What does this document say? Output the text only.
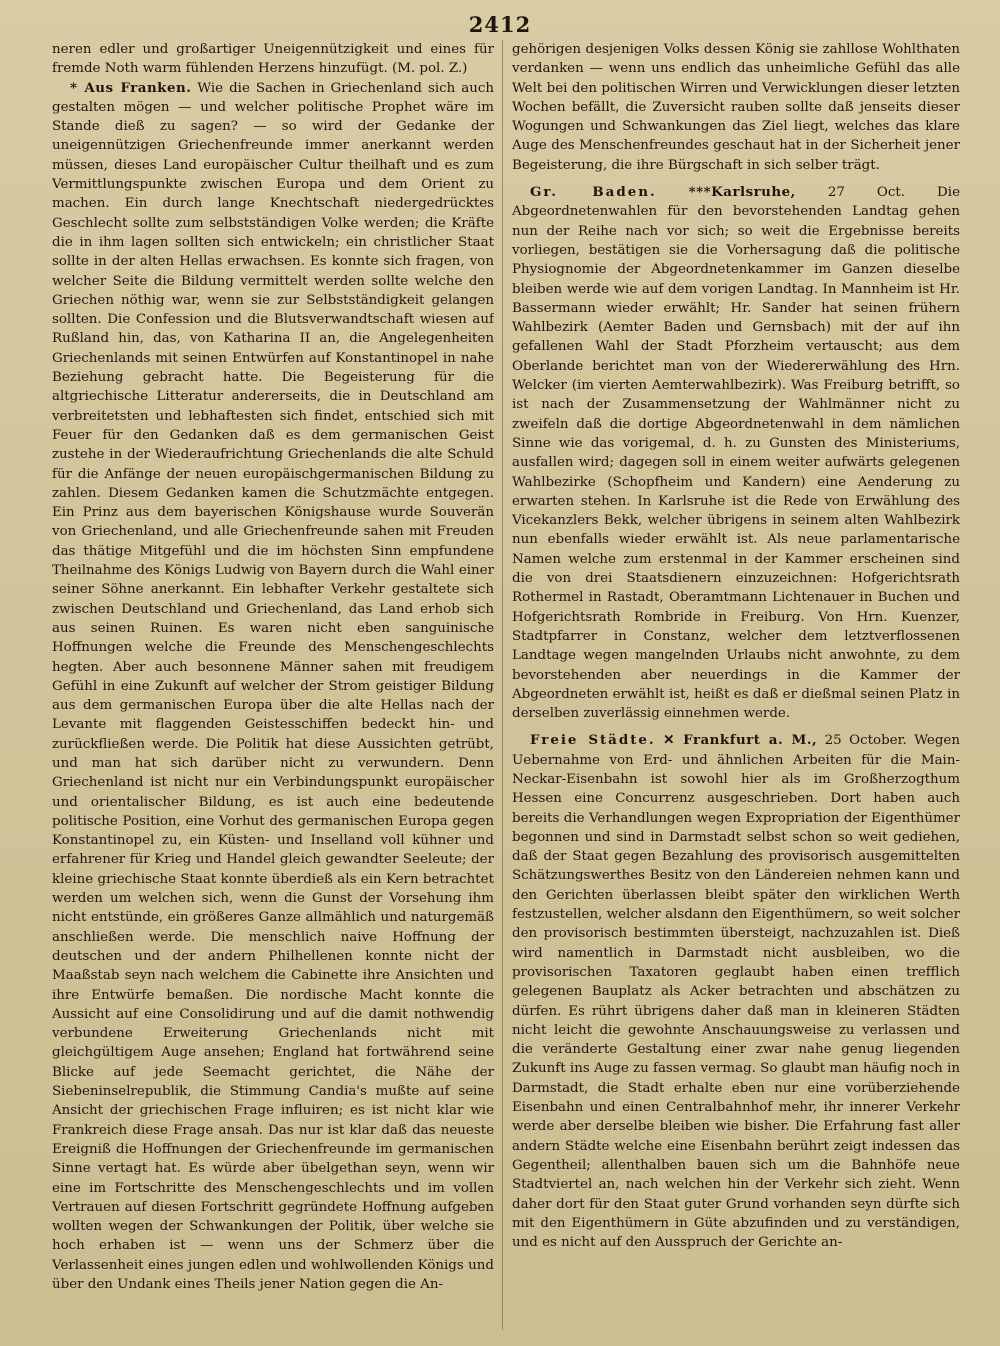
2412

neren edler und großartiger Uneigennützigkeit und eines für fremde Noth warm fühlenden Herzens hinzufügt. (M. pol. Z.)

* Aus Franken. Wie die Sachen in Griechenland sich auch gestalten mögen — und welcher politische Prophet wäre im Stande dieß zu sagen? — so wird der Gedanke der uneigennützigen Griechenfreunde immer anerkannt werden müssen, dieses Land europäischer Cultur theilhaft und es zum Vermittlungspunkte zwischen Europa und dem Orient zu machen. Ein durch lange Knechtschaft niedergedrücktes Geschlecht sollte zum selbstständigen Volke werden; die Kräfte die in ihm lagen sollten sich entwickeln; ein christlicher Staat sollte in der alten Hellas erwachsen. Es konnte sich fragen, von welcher Seite die Bildung vermittelt werden sollte welche den Griechen nöthig war, wenn sie zur Selbstständigkeit gelangen sollten. Die Confession und die Blutsverwandtschaft wiesen auf Rußland hin, das, von Katharina II an, die Angelegenheiten Griechenlands mit seinen Entwürfen auf Konstantinopel in nahe Beziehung gebracht hatte. Die Begeisterung für die altgriechische Litteratur andererseits, die in Deutschland am verbreitetsten und lebhaftesten sich findet, entschied sich mit Feuer für den Gedanken daß es dem germanischen Geist zustehe in der Wiederaufrichtung Griechenlands die alte Schuld für die Anfänge der neuen europäischgermanischen Bildung zu zahlen. Diesem Gedanken kamen die Schutzmächte entgegen. Ein Prinz aus dem bayerischen Königshause wurde Souverän von Griechenland, und alle Griechenfreunde sahen mit Freuden das thätige Mitgefühl und die im höchsten Sinn empfundene Theilnahme des Königs Ludwig von Bayern durch die Wahl einer seiner Söhne anerkannt. Ein lebhafter Verkehr gestaltete sich zwischen Deutschland und Griechenland, das Land erhob sich aus seinen Ruinen. Es waren nicht eben sanguinische Hoffnungen welche die Freunde des Menschengeschlechts hegten. Aber auch besonnene Männer sahen mit freudigem Gefühl in eine Zukunft auf welcher der Strom geistiger Bildung aus dem germanischen Europa über die alte Hellas nach der Levante mit flaggenden Geistesschiffen bedeckt hin- und zurückfließen werde. Die Politik hat diese Aussichten getrübt, und man hat sich darüber nicht zu verwundern. Denn Griechenland ist nicht nur ein Verbindungspunkt europäischer und orientalischer Bildung, es ist auch eine bedeutende politische Position, eine Vorhut des germanischen Europa gegen Konstantinopel zu, ein Küsten- und Inselland voll kühner und erfahrener für Krieg und Handel gleich gewandter Seeleute; der kleine griechische Staat konnte überdieß als ein Kern betrachtet werden um welchen sich, wenn die Gunst der Vorsehung ihm nicht entstünde, ein größeres Ganze allmählich und naturgemäß anschließen werde. Die menschlich naive Hoffnung der deutschen und der andern Philhellenen konnte nicht der Maaßstab seyn nach welchem die Cabinette ihre Ansichten und ihre Entwürfe bemaßen. Die nordische Macht konnte die Aussicht auf eine Consolidirung und auf die damit nothwendig verbundene Erweiterung Griechenlands nicht mit gleichgültigem Auge ansehen; England hat fortwährend seine Blicke auf jede Seemacht gerichtet, die Nähe der Siebeninselrepublik, die Stimmung Candia's mußte auf seine Ansicht der griechischen Frage influiren; es ist nicht klar wie Frankreich diese Frage ansah. Das nur ist klar daß das neueste Ereigniß die Hoffnungen der Griechenfreunde im germanischen Sinne vertagt hat. Es würde aber übelgethan seyn, wenn wir eine im Fortschritte des Menschengeschlechts und im vollen Vertrauen auf diesen Fortschritt gegründete Hoffnung aufgeben wollten wegen der Schwankungen der Politik, über welche sie hoch erhaben ist — wenn uns der Schmerz über die Verlassenheit eines jungen edlen und wohlwollenden Königs und über den Undank eines Theils jener Nation gegen die An-

gehörigen desjenigen Volks dessen König sie zahllose Wohlthaten verdanken — wenn uns endlich das unheimliche Gefühl das alle Welt bei den politischen Wirren und Verwicklungen dieser letzten Wochen befällt, die Zuversicht rauben sollte daß jenseits dieser Wogungen und Schwankungen das Ziel liegt, welches das klare Auge des Menschenfreundes geschaut hat in der Sicherheit jener Begeisterung, die ihre Bürgschaft in sich selber trägt.

Gr. Baden. ***Karlsruhe, 27 Oct. Die Abgeordnetenwahlen für den bevorstehenden Landtag gehen nun der Reihe nach vor sich; so weit die Ergebnisse bereits vorliegen, bestätigen sie die Vorhersagung daß die politische Physiognomie der Abgeordnetenkammer im Ganzen dieselbe bleiben werde wie auf dem vorigen Landtag. In Mannheim ist Hr. Bassermann wieder erwählt; Hr. Sander hat seinen frühern Wahlbezirk (Aemter Baden und Gernsbach) mit der auf ihn gefallenen Wahl der Stadt Pforzheim vertauscht; aus dem Oberlande berichtet man von der Wiedererwählung des Hrn. Welcker (im vierten Aemterwahlbezirk). Was Freiburg betrifft, so ist nach der Zusammensetzung der Wahlmänner nicht zu zweifeln daß die dortige Abgeordnetenwahl in dem nämlichen Sinne wie das vorigemal, d. h. zu Gunsten des Ministeriums, ausfallen wird; dagegen soll in einem weiter aufwärts gelegenen Wahlbezirke (Schopfheim und Kandern) eine Aenderung zu erwarten stehen. In Karlsruhe ist die Rede von Erwählung des Vicekanzlers Bekk, welcher übrigens in seinem alten Wahlbezirk nun ebenfalls wieder erwählt ist. Als neue parlamentarische Namen welche zum erstenmal in der Kammer erscheinen sind die von drei Staatsdienern einzuzeichnen: Hofgerichtsrath Rothermel in Rastadt, Oberamtmann Lichtenauer in Buchen und Hofgerichtsrath Rombride in Freiburg. Von Hrn. Kuenzer, Stadtpfarrer in Constanz, welcher dem letztverflossenen Landtage wegen mangelnden Urlaubs nicht anwohnte, zu dem bevorstehenden aber neuerdings in die Kammer der Abgeordneten erwählt ist, heißt es daß er dießmal seinen Platz in derselben zuverlässig einnehmen werde.

Freie Städte. ✕ Frankfurt a. M., 25 October. Wegen Uebernahme von Erd- und ähnlichen Arbeiten für die Main-Neckar-Eisenbahn ist sowohl hier als im Großherzogthum Hessen eine Concurrenz ausgeschrieben. Dort haben auch bereits die Verhandlungen wegen Expropriation der Eigenthümer begonnen und sind in Darmstadt selbst schon so weit gediehen, daß der Staat gegen Bezahlung des provisorisch ausgemittelten Schätzungswerthes Besitz von den Ländereien nehmen kann und den Gerichten überlassen bleibt später den wirklichen Werth festzustellen, welcher alsdann den Eigenthümern, so weit solcher den provisorisch bestimmten übersteigt, nachzuzahlen ist. Dieß wird namentlich in Darmstadt nicht ausbleiben, wo die provisorischen Taxatoren geglaubt haben einen trefflich gelegenen Bauplatz als Acker betrachten und abschätzen zu dürfen. Es rührt übrigens daher daß man in kleineren Städten nicht leicht die gewohnte Anschauungsweise zu verlassen und die veränderte Gestaltung einer zwar nahe genug liegenden Zukunft ins Auge zu fassen vermag. So glaubt man häufig noch in Darmstadt, die Stadt erhalte eben nur eine vorüberziehende Eisenbahn und einen Centralbahnhof mehr, ihr innerer Verkehr werde aber derselbe bleiben wie bisher. Die Erfahrung fast aller andern Städte welche eine Eisenbahn berührt zeigt indessen das Gegentheil; allenthalben bauen sich um die Bahnhöfe neue Stadtviertel an, nach welchen hin der Verkehr sich zieht. Wenn daher dort für den Staat guter Grund vorhanden seyn dürfte sich mit den Eigenthümern in Güte abzufinden und zu verständigen, und es nicht auf den Ausspruch der Gerichte an-
